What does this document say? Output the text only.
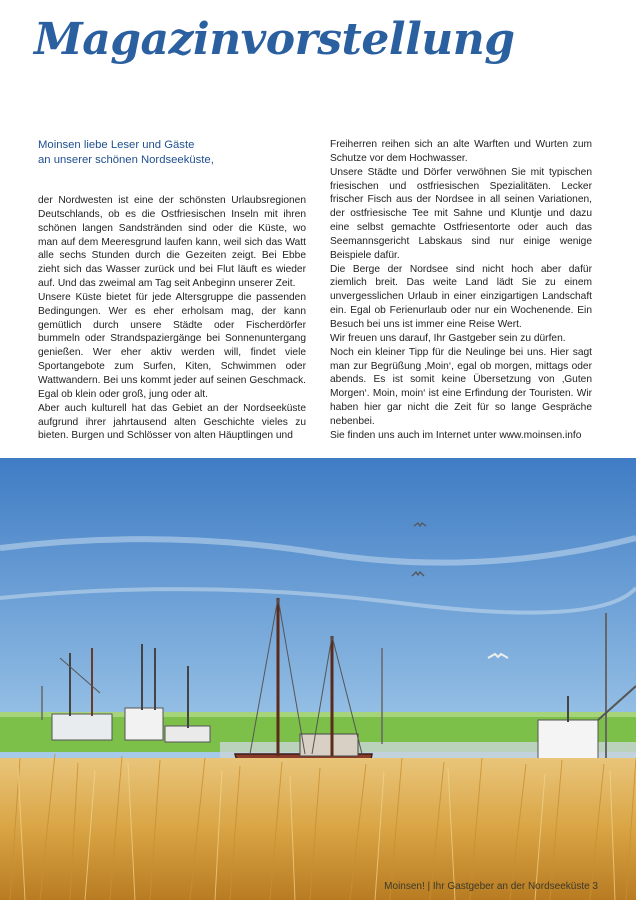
Magazinvorstellung

Moinsen liebe Leser und Gäste
an unserer schönen Nordseeküste,

der Nordwesten ist eine der schönsten Urlaubsregionen Deutschlands, ob es die Ostfriesischen Inseln mit ihren schönen langen Sandstränden sind oder die Küste, wo man auf dem Meeresgrund laufen kann, weil sich das Watt alle sechs Stunden durch die Gezeiten zeigt. Bei Ebbe zieht sich das Wasser zurück und bei Flut läuft es wieder auf. Und das zweimal am Tag seit Anbeginn unserer Zeit.

Unsere Küste bietet für jede Altersgruppe die passenden Bedingungen. Wer es eher erholsam mag, der kann gemütlich durch unsere Städte oder Fischerdörfer bummeln oder Strandspaziergänge bei Sonnenuntergang genießen. Wer eher aktiv werden will, findet viele Sportangebote zum Surfen, Kiten, Schwimmen oder Wattwandern. Bei uns kommt jeder auf seinen Geschmack. Egal ob klein oder groß, jung oder alt.

Aber auch kulturell hat das Gebiet an der Nordseeküste aufgrund ihrer jahrtausend alten Geschichte vieles zu bieten. Burgen und Schlösser von alten Häuptlingen und

Freiherren reihen sich an alte Warften und Wurten zum Schutze vor dem Hochwasser.

Unsere Städte und Dörfer verwöhnen Sie mit typischen friesischen und ostfriesischen Spezialitäten. Lecker frischer Fisch aus der Nordsee in all seinen Variationen, der ostfriesische Tee mit Sahne und Kluntje und dazu eine selbst gemachte Ostfriesentorte oder auch das Seemannsgericht Labskaus sind nur einige wenige Beispiele dafür.

Die Berge der Nordsee sind nicht hoch aber dafür ziemlich breit. Das weite Land lädt Sie zu einem unvergesslichen Urlaub in einer einzigartigen Landschaft ein. Egal ob Ferienurlaub oder nur ein Wochenende. Ein Besuch bei uns ist immer eine Reise Wert.

Wir freuen uns darauf, Ihr Gastgeber sein zu dürfen.

Noch ein kleiner Tipp für die Neulinge bei uns. Hier sagt man zur Begrüßung ‚Moin‘, egal ob morgen, mittags oder abends. Es ist somit keine Übersetzung von ‚Guten Morgen‘. Moin, moin‘ ist eine Erfindung der Touristen. Wir haben hier gar nicht die Zeit für so lange Gespräche nebenbei.

Sie finden uns auch im Internet unter www.moinsen.info

Moinsen! | Ihr Gastgeber an der Nordseeküste 3
